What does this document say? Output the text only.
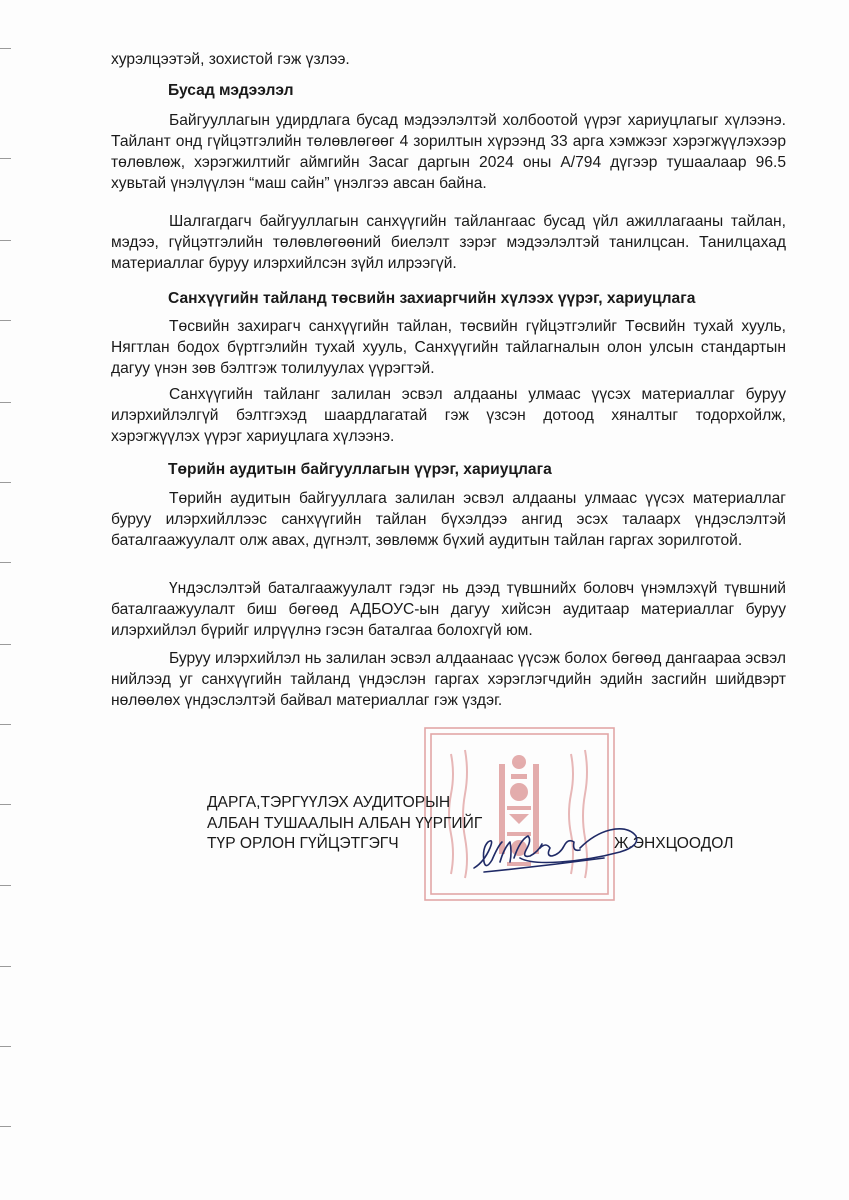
хурэлцээтэй, зохистой гэж үзлээ.

Бусад мэдээлэл

Байгууллагын удирдлага бусад мэдээлэлтэй холбоотой үүрэг хариуцлагыг хүлээнэ. Тайлант онд гүйцэтгэлийн төлөвлөгөөг 4 зорилтын хүрээнд 33 арга хэмжээг хэрэгжүүлэхээр төлөвлөж, хэрэгжилтийг аймгийн Засаг даргын 2024 оны А/794 дүгээр тушаалаар 96.5 хувьтай үнэлүүлэн “маш сайн” үнэлгээ авсан байна.

Шалгагдагч байгууллагын санхүүгийн тайлангаас бусад үйл ажиллагааны тайлан, мэдээ, гүйцэтгэлийн төлөвлөгөөний биелэлт зэрэг мэдээлэлтэй танилцсан. Танилцахад материаллаг буруу илэрхийлсэн зүйл илрээгүй.

Санхүүгийн тайланд төсвийн захиаргчийн хүлээх үүрэг, хариуцлага

Төсвийн захирагч санхүүгийн тайлан, төсвийн гүйцэтгэлийг Төсвийн тухай хууль, Нягтлан бодох бүртгэлийн тухай хууль, Санхүүгийн тайлагналын олон улсын стандартын дагуу үнэн зөв бэлтгэж толилуулах үүрэгтэй.

Санхүүгийн тайланг залилан эсвэл алдааны улмаас үүсэх материаллаг буруу илэрхийлэлгүй бэлтгэхэд шаардлагатай гэж үзсэн дотоод хяналтыг тодорхойлж, хэрэгжүүлэх үүрэг хариуцлага хүлээнэ.

Төрийн аудитын байгууллагын үүрэг, хариуцлага

Төрийн аудитын байгууллага залилан эсвэл алдааны улмаас үүсэх материаллаг буруу илэрхийллээс санхүүгийн тайлан бүхэлдээ ангид эсэх талаарх үндэслэлтэй баталгаажуулалт олж авах, дүгнэлт, зөвлөмж бүхий аудитын тайлан гаргах зорилготой.

Үндэслэлтэй баталгаажуулалт гэдэг нь дээд түвшнийх боловч үнэмлэхүй түвшний баталгаажуулалт биш бөгөөд АДБОУС-ын дагуу хийсэн аудитаар материаллаг буруу илэрхийлэл бүрийг илрүүлнэ гэсэн баталгаа болохгүй юм.

Буруу илэрхийлэл нь залилан эсвэл алдаанаас үүсэж болох бөгөөд дангаараа эсвэл нийлээд уг санхүүгийн тайланд үндэслэн гаргах хэрэглэгчдийн эдийн засгийн шийдвэрт нөлөөлөх үндэслэлтэй байвал материаллаг гэж үздэг.

ДАРГА,ТЭРГҮҮЛЭХ АУДИТОРЫН

АЛБАН ТУШААЛЫН АЛБАН ҮҮРГИЙГ

ТҮР ОРЛОН ГҮЙЦЭТГЭГЧ	Ж.ЭНХЦООДОЛ
